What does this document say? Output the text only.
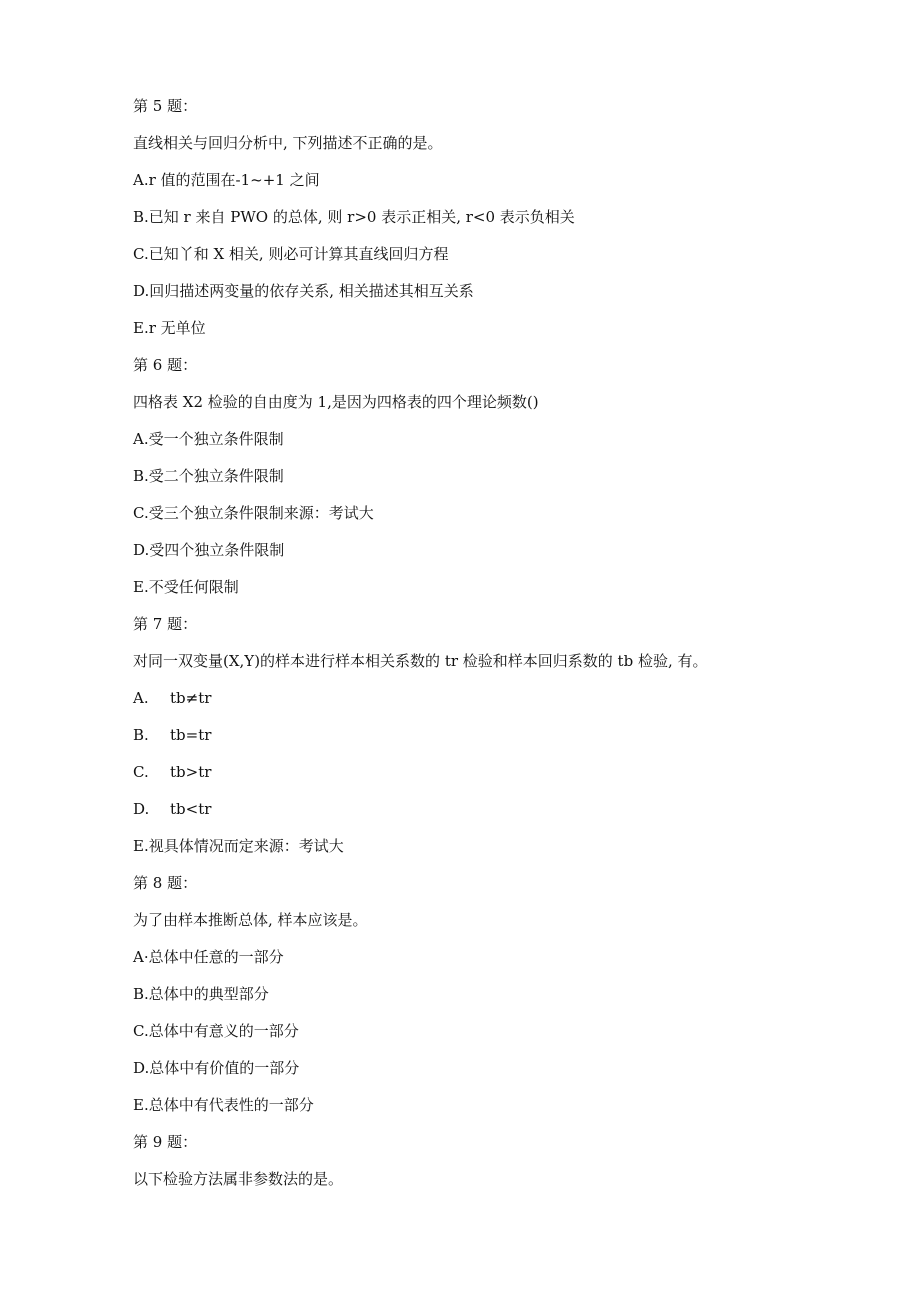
第 5 题：
直线相关与回归分析中, 下列描述不正确的是。
A.r 值的范围在-1~+1 之间
B.已知 r 来自 PWO 的总体, 则 r>0 表示正相关, r<0 表示负相关
C.已知丫和 X 相关, 则必可计算其直线回归方程
D.回归描述两变量的依存关系, 相关描述其相互关系
E.r 无单位
第 6 题：
四格表 X2 检验的自由度为 1,是因为四格表的四个理论频数()
A.受一个独立条件限制
B.受二个独立条件限制
C.受三个独立条件限制来源：考试大
D.受四个独立条件限制
E.不受任何限制
第 7 题：
对同一双变量(X,Y)的样本进行样本相关系数的 tr 检验和样本回归系数的 tb 检验, 有。
A.	tb≠tr
B.	tb=tr
C.	tb>tr
D.	tb<tr
E.视具体情况而定来源：考试大
第 8 题：
为了由样本推断总体, 样本应该是。
A·总体中任意的一部分
B.总体中的典型部分
C.总体中有意义的一部分
D.总体中有价值的一部分
E.总体中有代表性的一部分
第 9 题：
以下检验方法属非参数法的是。
